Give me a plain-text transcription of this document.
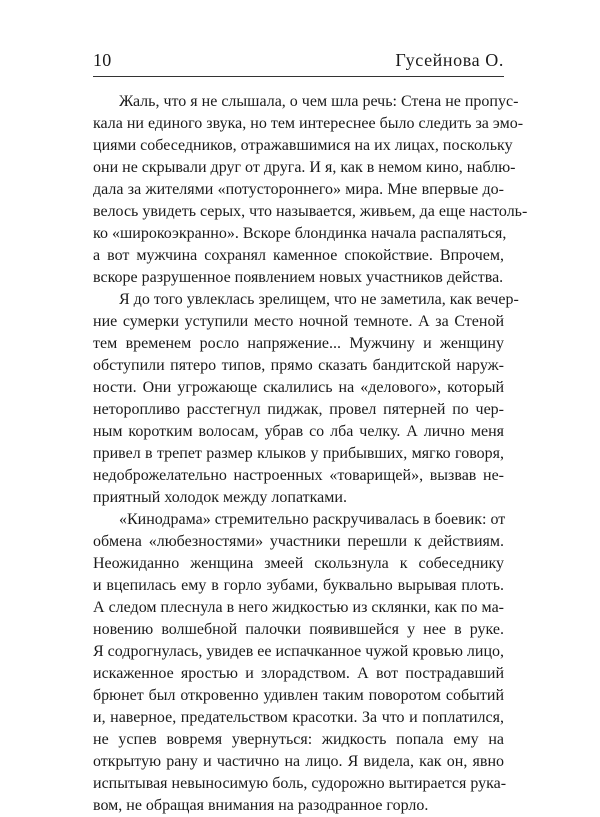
10	Гусейнова О.
Жаль, что я не слышала, о чем шла речь: Стена не пропус-
кала ни единого звука, но тем интереснее было следить за эмо-
циями собеседников, отражавшимися на их лицах, поскольку
они не скрывали друг от друга. И я, как в немом кино, наблю-
дала за жителями «потустороннего» мира. Мне впервые до-
велось увидеть серых, что называется, живьем, да еще настоль-
ко «широкоэкранно». Вскоре блондинка начала распаляться,
а вот мужчина сохранял каменное спокойствие. Впрочем,
вскоре разрушенное появлением новых участников действа.
Я до того увлеклась зрелищем, что не заметила, как вечер-
ние сумерки уступили место ночной темноте. А за Стеной
тем временем росло напряжение... Мужчину и женщину
обступили пятеро типов, прямо сказать бандитской наруж-
ности. Они угрожающе скалились на «делового», который
неторопливо расстегнул пиджак, провел пятерней по чер-
ным коротким волосам, убрав со лба челку. А лично меня
привел в трепет размер клыков у прибывших, мягко говоря,
недоброжелательно настроенных «товарищей», вызвав не-
приятный холодок между лопатками.
«Кинодрама» стремительно раскручивалась в боевик: от
обмена «любезностями» участники перешли к действиям.
Неожиданно женщина змеей скользнула к собеседнику
и вцепилась ему в горло зубами, буквально вырывая плоть.
А следом плеснула в него жидкостью из склянки, как по ма-
новению волшебной палочки появившейся у нее в руке.
Я содрогнулась, увидев ее испачканное чужой кровью лицо,
искаженное яростью и злорадством. А вот пострадавший
брюнет был откровенно удивлен таким поворотом событий
и, наверное, предательством красотки. За что и поплатился,
не успев вовремя увернуться: жидкость попала ему на
открытую рану и частично на лицо. Я видела, как он, явно
испытывая невыносимую боль, судорожно вытирается рука-
вом, не обращая внимания на разодранное горло.
